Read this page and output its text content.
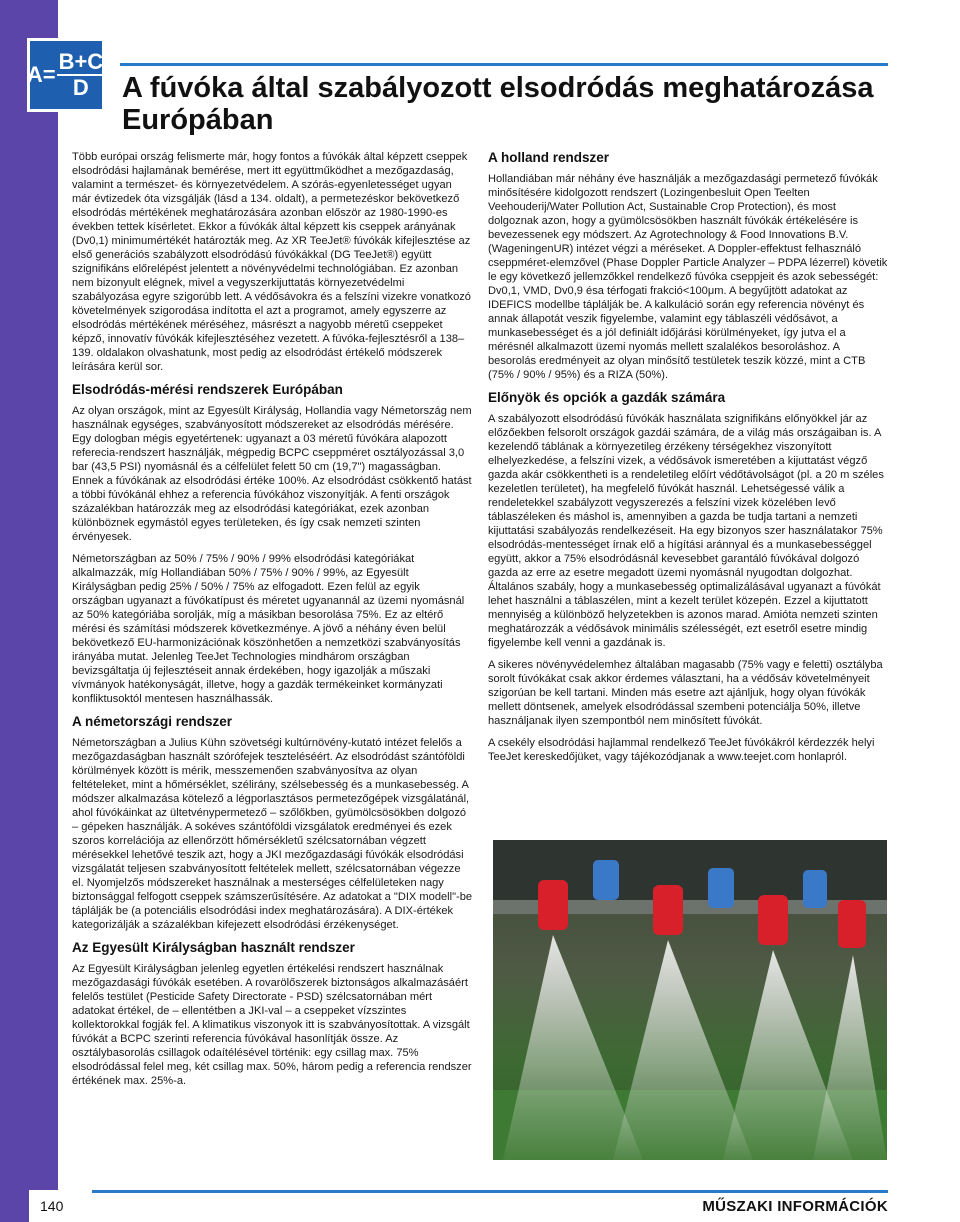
$A= \frac{B+C}{D}$ A fúvóka által szabályozott elsodródás meghatározása Európában

Több európai ország felismerte már, hogy fontos a fúvókák által képzett cseppek elsodródási hajlamának bemérése, mert itt együttműködhet a mezőgazdaság, valamint a természet- és környezetvédelem. A szórás-egyenletességet ugyan már évtizedek óta vizsgálják (lásd a 134. oldalt), a permetezéskor bekövetkező elsodródás mértékének meghatározására azonban először az 1980-1990-es években tettek kísérletet. Ekkor a fúvókák által képzett kis cseppek arányának (Dv0,1) minimumértékét határozták meg. Az XR TeeJet® fúvókák kifejlesztése az első generációs szabályzott elsodródású fúvókákkal (DG TeeJet®) együtt szignifikáns előrelépést jelentett a növényvédelmi technológiában. Ez azonban nem bizonyult elégnek, mivel a vegyszerkijuttatás környezetvédelmi szabályozása egyre szigorúbb lett. A védősávokra és a felszíni vizekre vonatkozó követelmények szigorodása indította el azt a programot, amely egyszerre az elsodródás mértékének méréséhez, másrészt a nagyobb méretű cseppeket képző, innovatív fúvókák kifejlesztéséhez vezetett. A fúvóka-fejlesztésről a 138–139. oldalakon olvashatunk, most pedig az elsodródást értékelő módszerek leírására kerül sor.

Elsodródás-mérési rendszerek Európában

Az olyan országok, mint az Egyesült Királyság, Hollandia vagy Németország nem használnak egységes, szabványosított módszereket az elsodródás mérésére. Egy dologban mégis egyetértenek: ugyanazt a 03 méretű fúvókára alapozott referecia-rendszert használják, mégpedig BCPC cseppméret osztályozással 3,0 bar (43,5 PSI) nyomásnál és a célfelület felett 50 cm (19,7") magasságban. Ennek a fúvókának az elsodródási értéke 100%. Az elsodródást csökkentő hatást a többi fúvókánál ehhez a referencia fúvókához viszonyítják. A fenti országok százalékban határozzák meg az elsodródási kategóriákat, ezek azonban különböznek egymástól egyes területeken, és így csak nemzeti szinten érvényesek.

Németországban az 50% / 75% / 90% / 99% elsodródási kategóriákat alkalmazzák, míg Hollandiában 50% / 75% / 90% / 99%, az Egyesült Királyságban pedig 25% / 50% / 75% az elfogadott. Ezen felül az egyik országban ugyanazt a fúvókatípust és méretet ugyanannál az üzemi nyomásnál az 50% kategóriába sorolják, míg a másikban besorolása 75%. Ez az eltérő mérési és számítási módszerek következménye. A jövő a néhány éven belül bekövetkező EU-harmonizációnak köszönhetően a nemzetközi szabványosítás irányába mutat. Jelenleg TeeJet Technologies mindhárom országban bevizsgáltatja új fejlesztéseit annak érdekében, hogy igazolják a műszaki vívmányok hatékonyságát, illetve, hogy a gazdák termékeinket kormányzati konfliktusoktól mentesen használhassák.

A németországi rendszer

Németországban a Julius Kühn szövetségi kultúrnövény-kutató intézet felelős a mezőgazdaságban használt szórófejek teszteléséért. Az elsodródást szántóföldi körülmények között is mérik, messzemenően szabványosítva az olyan feltételeket, mint a hőmérséklet, szélirány, szélsebesség és a munkasebesség. A módszer alkalmazása kötelező a légporlasztásos permetezőgépek vizsgálatánál, ahol fúvókáinkat az ültetvénypermetező – szőlőkben, gyümölcsösökben dolgozó – gépeken használják. A sokéves szántóföldi vizsgálatok eredményei és ezek szoros korrelációja az ellenőrzött hőmérsékletű szélcsatornában végzett mérésekkel lehetővé teszik azt, hogy a JKI mezőgazdasági fúvókák elsodródási vizsgálatát teljesen szabványosított feltételek mellett, szélcsatornában végezze el. Nyomjelzős módszereket használnak a mesterséges célfelületeken nagy biztonsággal felfogott cseppek számszerűsítésére. Az adatokat a "DIX modell"-be táplálják be (a potenciális elsodródási index meghatározására). A DIX-értékek kategorizálják a százalékban kifejezett elsodródási érzékenységet.

Az Egyesült Királyságban használt rendszer

Az Egyesült Királyságban jelenleg egyetlen értékelési rendszert használnak mezőgazdasági fúvókák esetében. A rovarölőszerek biztonságos alkalmazásáért felelős testület (Pesticide Safety Directorate - PSD) szélcsatornában mért adatokat értékel, de – ellentétben a JKI-val – a cseppeket vízszintes kollektorokkal fogják fel. A klimatikus viszonyok itt is szabványosítottak. A vizsgált fúvókát a BCPC szerinti referencia fúvókával hasonlítják össze. Az osztálybasorolás csillagok odaítélésével történik: egy csillag max. 75% elsodródással felel meg, két csillag max. 50%, három pedig a referencia rendszer értékének max. 25%-a.

A holland rendszer

Hollandiában már néhány éve használják a mezőgazdasági permetező fúvókák minősítésére kidolgozott rendszert (Lozingenbesluit Open Teelten Veehouderij/Water Pollution Act, Sustainable Crop Protection), és most dolgoznak azon, hogy a gyümölcsösökben használt fúvókák értékelésére is bevezessenek egy módszert. Az Agrotechnology & Food Innovations B.V. (WageningenUR) intézet végzi a méréseket. A Doppler-effektust felhasználó cseppméret-elemzővel (Phase Doppler Particle Analyzer – PDPA lézerrel) követik le egy következő jellemzőkkel rendelkező fúvóka cseppjeit és azok sebességét: Dv0,1, VMD, Dv0,9 ésa térfogati frakció<100μm. A begyűjtött adatokat az IDEFICS modellbe táplálják be. A kalkuláció során egy referencia növényt és annak állapotát veszik figyelembe, valamint egy táblaszéli védősávot, a munkasebességet és a jól definiált időjárási körülményeket, így jutva el a mérésnél alkalmazott üzemi nyomás mellett szalalékos besoroláshoz. A besorolás eredményeit az olyan minősítő testületek teszik közzé, mint a CTB (75% / 90% / 95%) és a RIZA (50%).

Előnyök és opciók a gazdák számára

A szabályozott elsodródású fúvókák használata szignifikáns előnyökkel jár az előzőekben felsorolt országok gazdái számára, de a világ más országaiban is. A kezelendő táblának a környezetileg érzékeny térségekhez viszonyított elhelyezkedése, a felszíni vizek, a védősávok ismeretében a kijuttatást végző gazda akár csökkentheti is a rendeletileg előírt védőtávolságot (pl. a 20 m széles kezeletlen területet), ha megfelelő fúvókát használ. Lehetségessé válik a rendeletekkel szabályzott vegyszerezés a felszíni vizek közelében levő táblaszéleken és máshol is, amennyiben a gazda be tudja tartani a nemzeti kijuttatási szabályozás rendelkezéseit. Ha egy bizonyos szer használatakor 75% elsodródás-mentességet írnak elő a hígítási aránnyal és a munkasebességgel együtt, akkor a 75% elsodródásnál kevesebbet garantáló fúvókával dolgozó gazda az erre az esetre megadott üzemi nyomásnál nyugodtan dolgozhat. Általános szabály, hogy a munkasebesség optimalizálásával ugyanazt a fúvókát lehet használni a táblaszélen, mint a kezelt terület közepén. Ezzel a kijuttatott mennyiség a különböző helyzetekben is azonos marad. Amióta nemzeti szinten meghatározzák a védősávok minimális szélességét, ezt esetről esetre mindig figyelembe kell venni a gazdának is.

A sikeres növényvédelemhez általában magasabb (75% vagy e feletti) osztályba sorolt fúvókákat csak akkor érdemes választani, ha a védősáv követelményeit szigorúan be kell tartani. Minden más esetre azt ajánljuk, hogy olyan fúvókák mellett döntsenek, amelyek elsodródással szembeni potenciálja 50%, illetve használjanak ilyen szempontból nem minősített fúvókát.

A csekély elsodródási hajlammal rendelkező TeeJet fúvókákról kérdezzék helyi TeeJet kereskedőjüket, vagy tájékozódjanak a www.teejet.com honlapról.

140	MŰSZAKI INFORMÁCIÓK
